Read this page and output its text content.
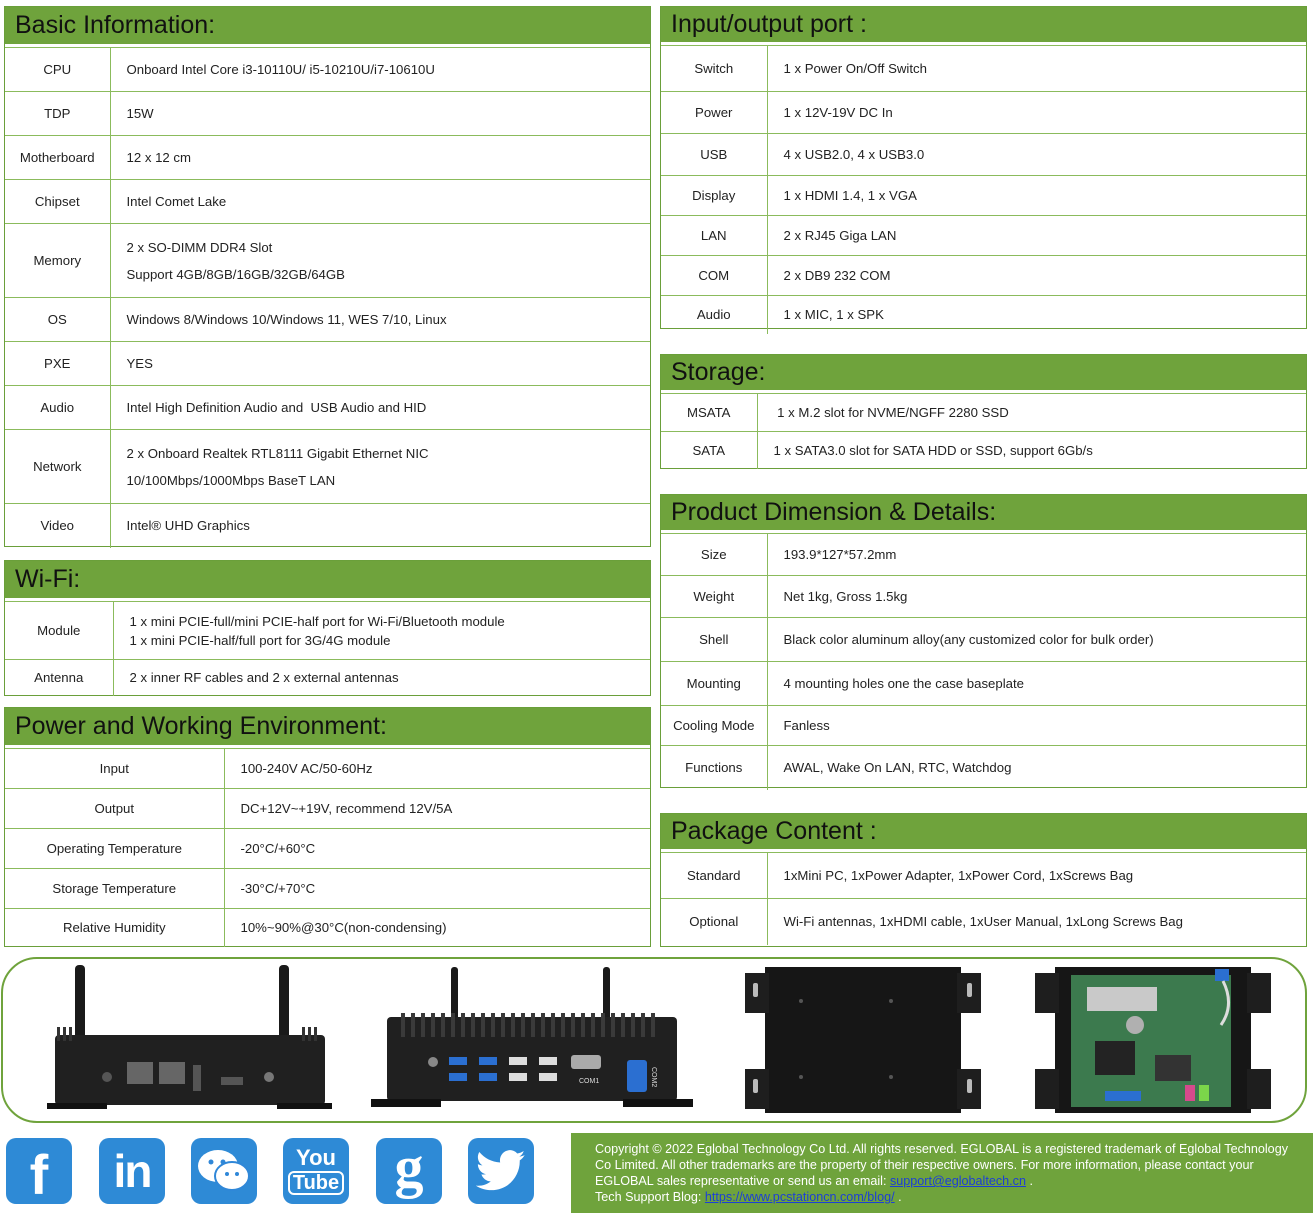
Basic Information:
CPU	Onboard Intel Core i3-10110U/ i5-10210U/i7-10610U

TDP	15W

Motherboard	12 x 12 cm

Chipset	Intel Comet Lake

Memory	2 x SO-DIMM DDR4 Slot
Support 4GB/8GB/16GB/32GB/64GB

OS	Windows 8/Windows 10/Windows 11, WES 7/10, Linux

PXE	YES

Audio	Intel High Definition Audio and  USB Audio and HID

Network	2 x Onboard Realtek RTL8111 Gigabit Ethernet NIC
10/100Mbps/1000Mbps BaseT LAN

Video	Intel® UHD Graphics
Wi-Fi:
Module	1 x mini PCIE-full/mini PCIE-half port for Wi-Fi/Bluetooth module
1 x mini PCIE-half/full port for 3G/4G module

Antenna	2 x inner RF cables and 2 x external antennas
Power and Working Environment:
Input	100-240V AC/50-60Hz

Output	DC+12V~+19V, recommend 12V/5A

Operating Temperature	-20°C/+60°C

Storage Temperature	-30°C/+70°C

Relative Humidity	10%~90%@30°C(non-condensing)
Input/output port :
Switch	1 x Power On/Off Switch

Power	1 x 12V-19V DC In

USB	4 x USB2.0, 4 x USB3.0

Display	1 x HDMI 1.4, 1 x VGA

LAN	2 x RJ45 Giga LAN

COM	2 x DB9 232 COM

Audio	1 x MIC, 1 x SPK
Storage:
MSATA	1 x M.2 slot for NVME/NGFF 2280 SSD

SATA	1 x SATA3.0 slot for SATA HDD or SSD, support 6Gb/s
Product Dimension & Details:
Size	193.9*127*57.2mm

Weight	Net 1kg, Gross 1.5kg

Shell	Black color aluminum alloy(any customized color for bulk order)

Mounting	4 mounting holes one the case baseplate

Cooling Mode	Fanless

Functions	AWAL, Wake On LAN, RTC, Watchdog
Package Content :
Standard	1xMini PC, 1xPower Adapter, 1xPower Cord, 1xScrews Bag

Optional	Wi-Fi antennas, 1xHDMI cable, 1xUser Manual, 1xLong Screws Bag
COM1	COM2
f in	You
Tube g	Copyright © 2022 Eglobal Technology Co Ltd. All rights reserved. EGLOBAL is a registered trademark of Eglobal Technology Co Limited. All other trademarks are the property of their respective owners. For more information, please contact your EGLOBAL sales representative or send us an email: support@eglobaltech.cn .
Tech Support Blog: https://www.pcstationcn.com/blog/ .
